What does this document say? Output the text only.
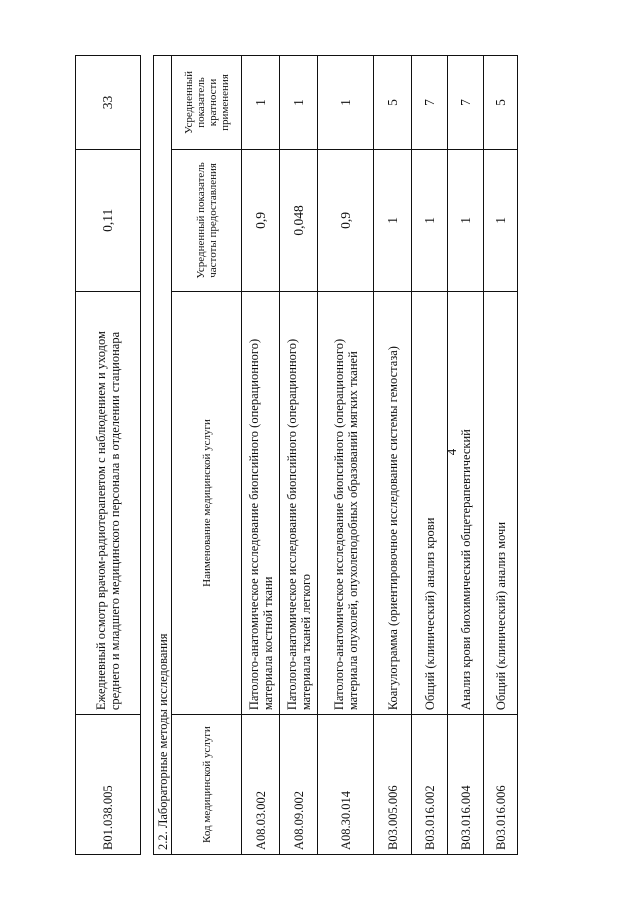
4
B01.038.005	Ежедневный осмотр врачом-радиотерапевтом с наблюдением и уходом среднего и младшего медицинского персонала в отделении стационара	0,11	33
2.2. Лабораторные методы исследования			
Код медицинской услуги	Наименование медицинской услуги	Усредненный показатель частоты предоставления	Усредненный показатель кратности применения
A08.03.002	Патолого-анатомическое исследование биопсийного (операционного) материала костной ткани	0,9	1
A08.09.002	Патолого-анатомическое исследование биопсийного (операционного) материала тканей легкого	0,048	1
A08.30.014	Патолого-анатомическое исследование биопсийного (операционного) материала опухолей, опухолеподобных образований мягких тканей	0,9	1
B03.005.006	Коагулограмма (ориентировочное исследование системы гемостаза)	1	5
B03.016.002	Общий (клинический) анализ крови	1	7
B03.016.004	Анализ крови биохимический общетерапевтический	1	7
B03.016.006	Общий (клинический) анализ мочи	1	5
